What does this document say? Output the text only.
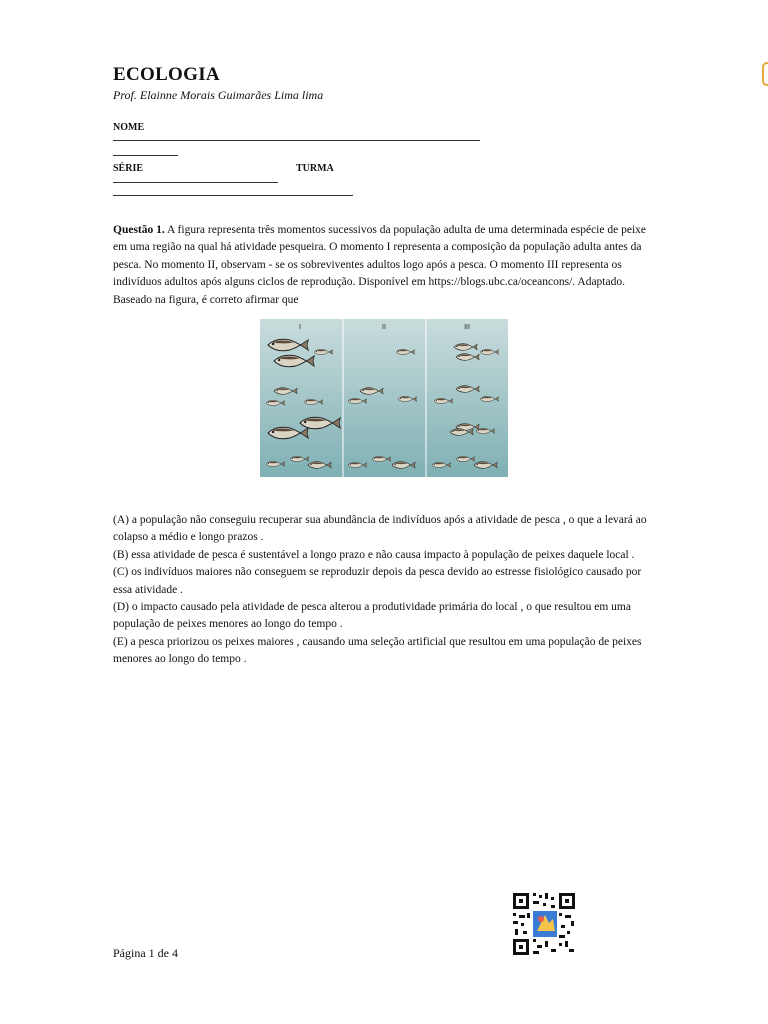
ECOLOGIA
Prof. Elainne Morais Guimarães Lima lima
NOME
SÉRIE	TURMA
Questão 1. A figura representa três momentos sucessivos da população adulta de uma determinada espécie de peixe em uma região na qual há atividade pesqueira. O momento I representa a composição da população adulta antes da pesca. No momento II, observam - se os sobreviventes adultos logo após a pesca. O momento III representa os indivíduos adultos após alguns ciclos de reprodução. Disponível em https://blogs.ubc.ca/oceancons/. Adaptado. Baseado na figura, é correto afirmar que
I	II	III

(A) a população não conseguiu recuperar sua abundância de indivíduos após a atividade de pesca , o que a levará ao colapso a médio e longo prazos .

(B) essa atividade de pesca é sustentável a longo prazo e não causa impacto à população de peixes daquele local .

(C) os indivíduos maiores não conseguem se reproduzir depois da pesca devido ao estresse fisiológico causado por essa atividade .

(D) o impacto causado pela atividade de pesca alterou a produtividade primária do local , o que resultou em uma população de peixes menores ao longo do tempo .

(E) a pesca priorizou os peixes maiores , causando uma seleção artificial que resultou em uma população de peixes menores ao longo do tempo .

Página 1 de 4
